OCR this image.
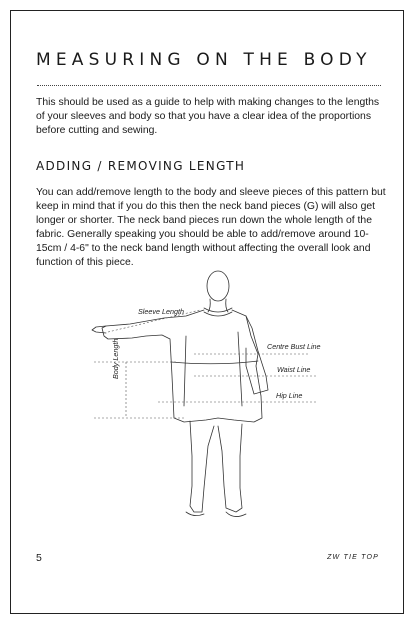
MEASURING ON THE BODY

This should be used as a guide to help with making changes to the lengths of your sleeves and body so that you have a clear idea of the proportions before cutting and sewing.

ADDING / REMOVING LENGTH

You can add/remove length to the body and sleeve pieces of this pattern but keep in mind that if you do this then the neck band pieces (G) will also get longer or shorter. The neck band pieces run down the whole length of the fabric. Generally speaking you should be able to add/remove around 10-15cm / 4-6" to the neck band length without affecting the overall look and function of this piece.

Sleeve Length
Centre Bust Line
Waist Line
Hip Line
Body Length
5	ZW TIE TOP
